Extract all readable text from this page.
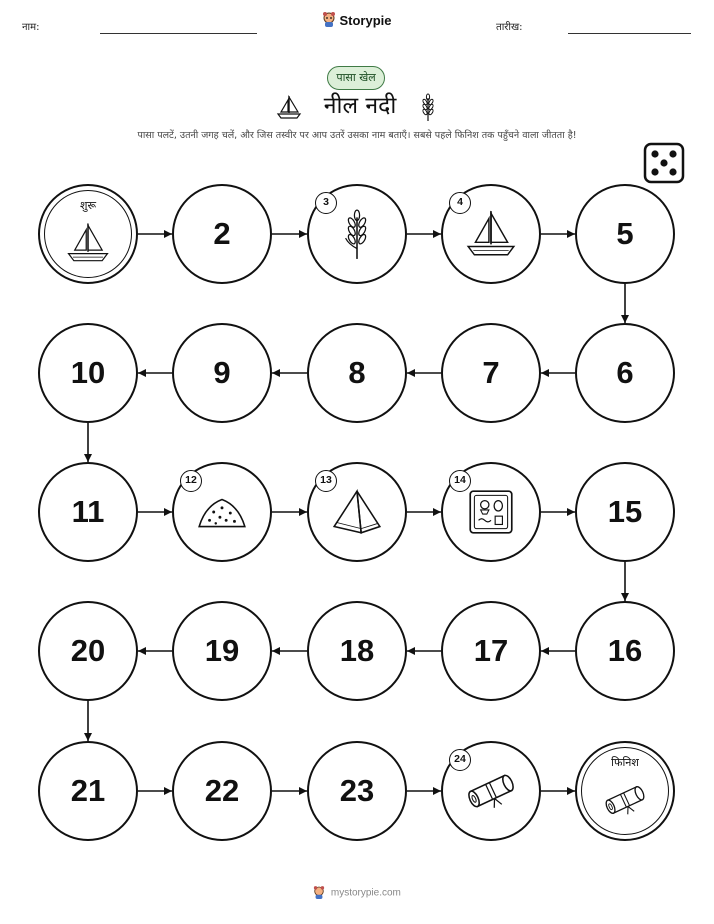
नाम:	तारीख:
Storypie
पासा खेल
नील नदी
पासा पलटें, उतनी जगह चलें, और जिस तस्वीर पर आप उतरें उसका नाम बताएँ। सबसे पहले फिनिश तक पहुँचने वाला जीतता है!
शुरू
2
3	4
5
6
7
8
9
10
11
12	13	14
15
16
17
18
19
20
21	22	23
24	फिनिश
mystorypie.com
